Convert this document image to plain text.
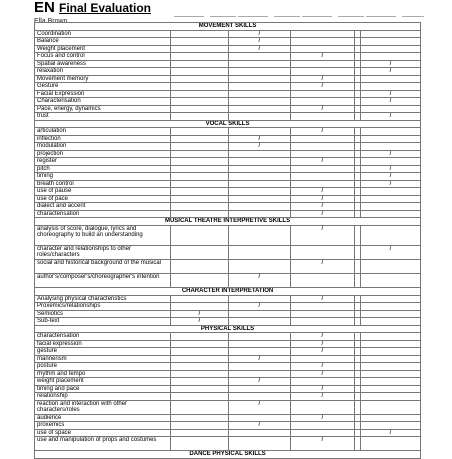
EN Final Evaluation
Ella Brown
MOVEMENT SKILLS					
Coordination		/			
Balance		/			
Weight placement		/			
Focus and control			/		
Spatial awareness					/
relaxation					/
Movement memory			/		
Gesture			/		
Facial Expression					/
Characterisation					/
Pace, energy, dynamics			/		
trust					/
VOCAL SKILLS					
articulation			/		
inflection		/			
modulation		/			
projection					/
register			/		
pitch					/
timing					/
breath control					/
use of pause			/		
use of pace			/		
dialect and accent			/		
characterisation			/		
MUSICAL THEATRE INTERPRETIVE SKILLS					
analysis of score, dialogue, lyrics and choreography to build an understanding			/		
character and relationships to other roles/characters					/
social and historical background of the musical			/		
author's/composer's/choreographer's intention		/			
CHARACTER INTERPRETATION					
Analysing physical characteristics			/		
Proxemics/relationships		/			
Semiotics	/				
Sub-text	/				
PHYSICAL SKILLS					
characterisation			/		
facial expression			/		
gesture			/		
mannerism		/			
posture			/		
rhythm and tempo			/		
weight placement		/			
timing and pace			/		
relationship			/		
reaction and interaction with other characters/roles		/			
audience			/		
proxemics		/			
use of space					/
use and manipulation of props and costumes			/		
DANCE PHYSICAL SKILLS					
